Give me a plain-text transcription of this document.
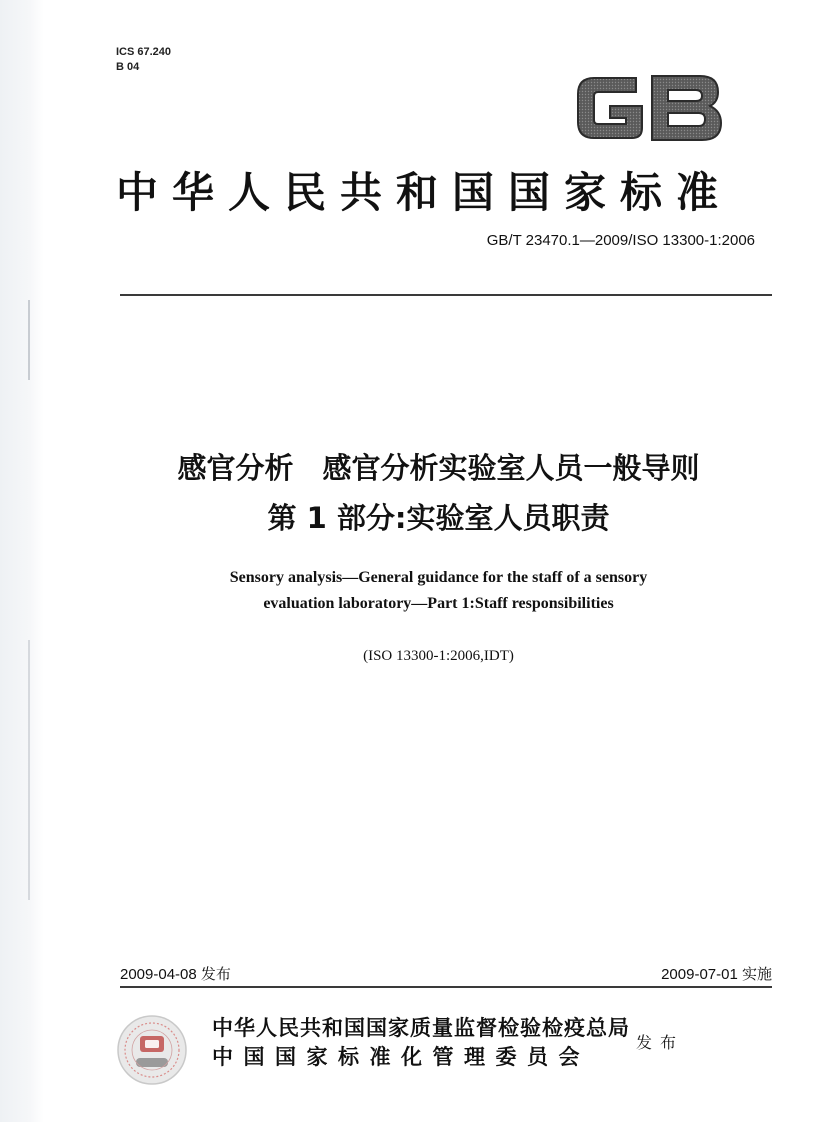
ICS 67.240
B 04
中华人民共和国国家标准
GB/T 23470.1—2009/ISO 13300-1:2006
感官分析　感官分析实验室人员一般导则
第 1 部分:实验室人员职责
Sensory analysis—General guidance for the staff of a sensory
evaluation laboratory—Part 1:Staff responsibilities
(ISO 13300-1:2006,IDT)
2009-04-08 发布	2009-07-01 实施
中华人民共和国国家质量监督检验检疫总局
中国国家标准化管理委员会
发布
